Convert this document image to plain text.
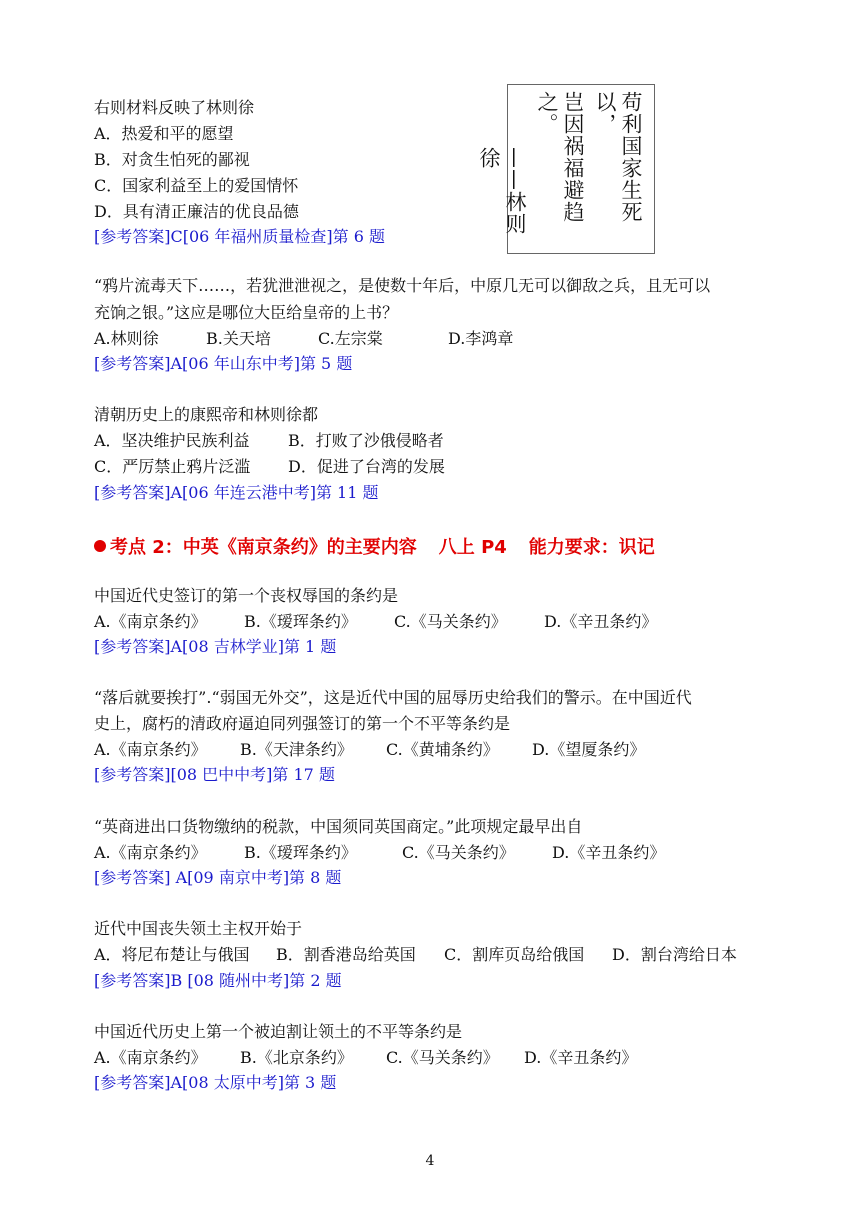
右则材料反映了林则徐
A．热爱和平的愿望
B．对贪生怕死的鄙视
C．国家利益至上的爱国情怀
D．具有清正廉洁的优良品德
[参考答案]C[06 年福州质量检查]第 6 题
苟利国家生死以，
岂因祸福避趋之。
——林则徐
“鸦片流毒天下……，若犹泄泄视之，是使数十年后，中原几无可以御敌之兵，且无可以
充饷之银。”这应是哪位大臣给皇帝的上书？
A.林则徐	B.关天培	C.左宗棠	D.李鸿章
[参考答案]A[06 年山东中考]第 5 题
清朝历史上的康熙帝和林则徐都
A．坚决维护民族利益 B．打败了沙俄侵略者
C．严厉禁止鸦片泛滥 D．促进了台湾的发展
[参考答案]A[06 年连云港中考]第 11 题
考点 2：中英《南京条约》的主要内容 八上 P4 能力要求：识记
中国近代史签订的第一个丧权辱国的条约是
A.《南京条约》 B.《瑷珲条约》 C.《马关条约》 D.《辛丑条约》
[参考答案]A[08 吉林学业]第 1 题
“落后就要挨打”.“弱国无外交”，这是近代中国的屈辱历史给我们的警示。在中国近代
史上，腐朽的清政府逼迫同列强签订的第一个不平等条约是
A.《南京条约》 B.《天津条约》 C.《黄埔条约》 D.《望厦条约》
[参考答案][08 巴中中考]第 17 题
“英商进出口货物缴纳的税款，中国须同英国商定。”此项规定最早出自
A.《南京条约》 B.《瑷珲条约》	C.《马关条约》 D.《辛丑条约》
[参考答案] A[09 南京中考]第 8 题
近代中国丧失领土主权开始于
A．将尼布楚让与俄国 B．割香港岛给英国 C．割库页岛给俄国 D．割台湾给日本
[参考答案]B [08 随州中考]第 2 题
中国近代历史上第一个被迫割让领土的不平等条约是
A.《南京条约》 B.《北京条约》 C.《马关条约》 D.《辛丑条约》
[参考答案]A[08 太原中考]第 3 题
4
